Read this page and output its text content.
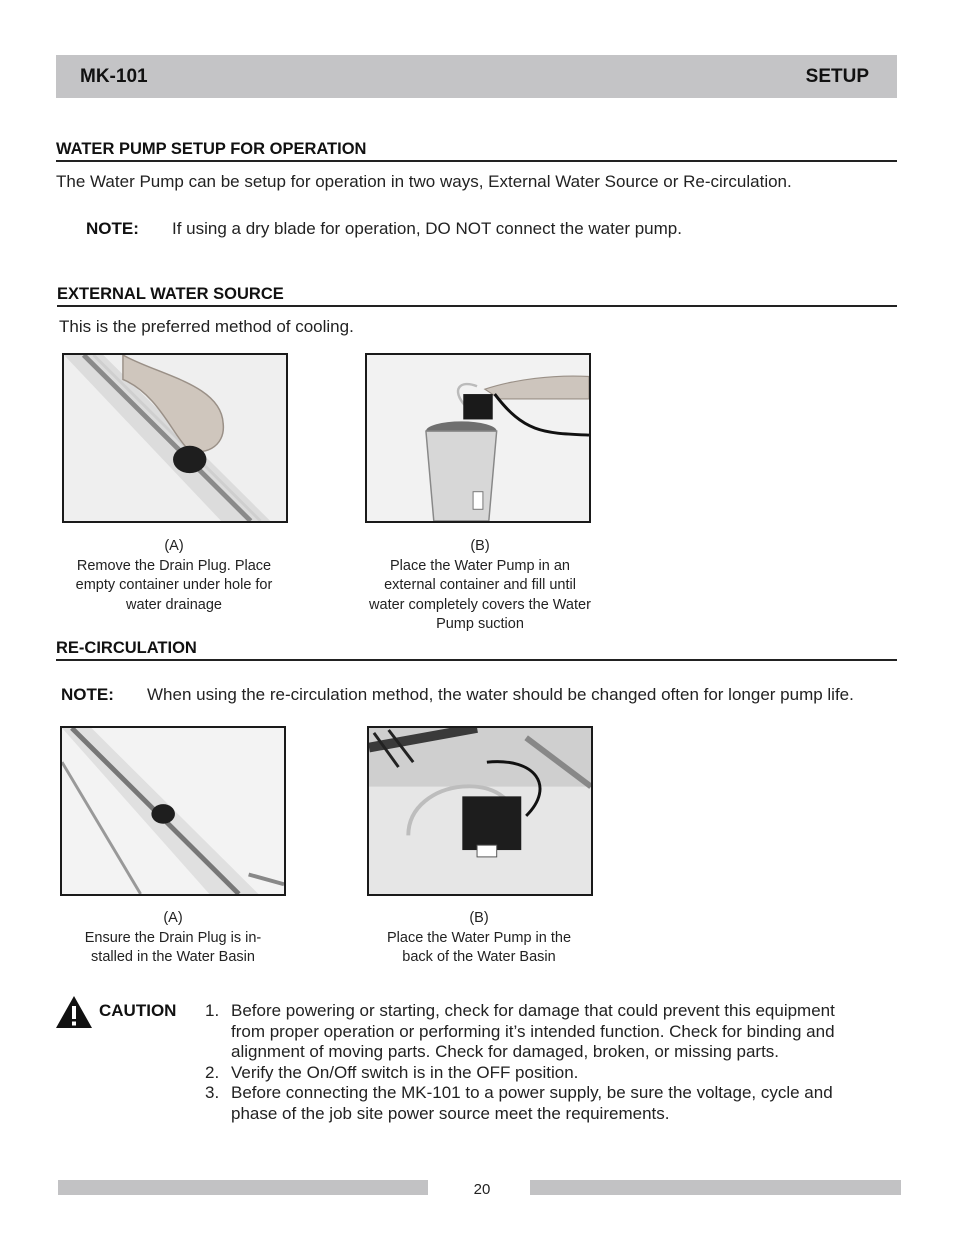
MK-101	SETUP
WATER PUMP SETUP FOR OPERATION
The Water Pump can be setup for operation in two ways, External Water Source or Re-circulation.
NOTE: If using a dry blade for operation, DO NOT connect the water pump.
EXTERNAL WATER SOURCE
This is the preferred method of cooling.
(A)
Remove the Drain Plug. Place
empty container under hole for
water drainage
(B)
Place the Water Pump in an
external container and fill until
water completely covers the Water
Pump suction
RE-CIRCULATION
NOTE: When using the re-circulation method, the water should be changed often for longer pump life.
(A)
Ensure the Drain Plug is in-
stalled in the Water Basin
(B)
Place the Water Pump in the
back of the Water Basin
CAUTION 1. Before powering or starting, check for damage that could prevent this equipment
from proper operation or performing it’s intended function. Check for binding and
alignment of moving parts. Check for damaged, broken, or missing parts.
2. Verify the On/Off switch is in the OFF position.
3. Before connecting the MK-101 to a power supply, be sure the voltage, cycle and
phase of the job site power source meet the requirements.
20
